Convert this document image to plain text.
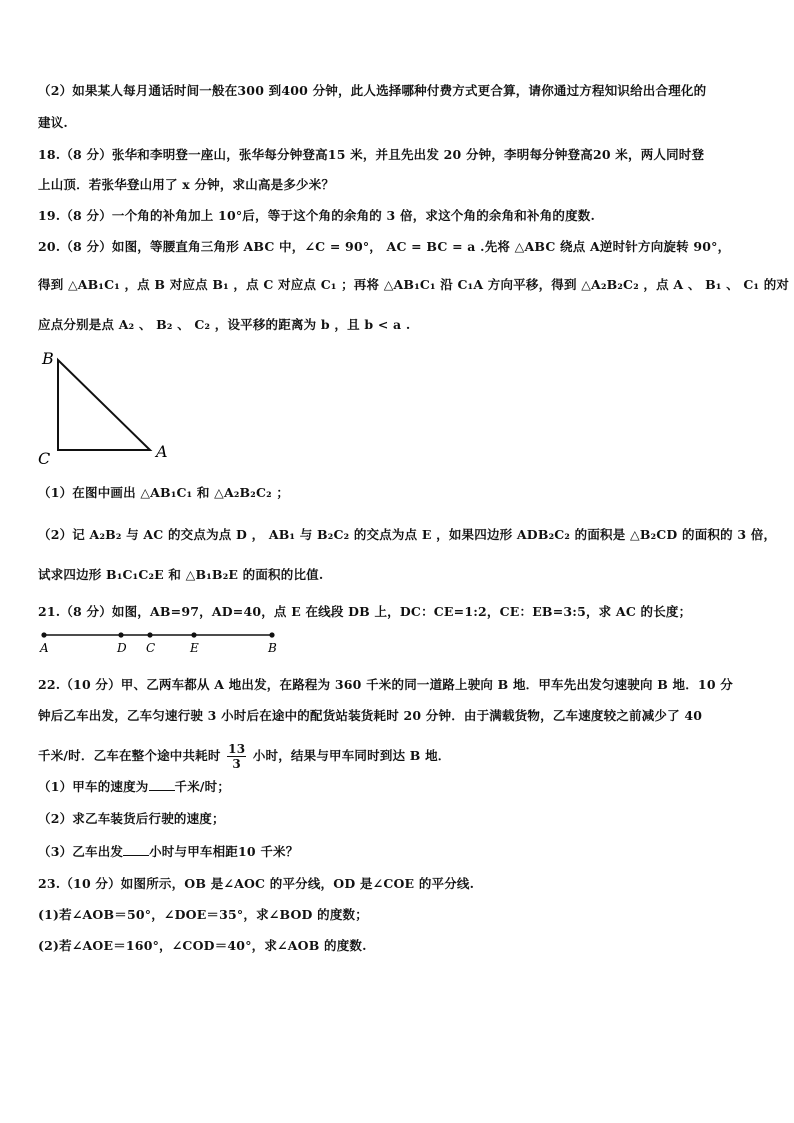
（2）如果某人每月通话时间一般在300 到400 分钟，此人选择哪种付费方式更合算，请你通过方程知识给出合理化的
建议.
18.（8 分）张华和李明登一座山，张华每分钟登高15 米，并且先出发 20 分钟，李明每分钟登高20 米，两人同时登
上山顶．若张华登山用了 x 分钟，求山高是多少米？
19.（8 分）一个角的补角加上 10°后，等于这个角的余角的 3 倍，求这个角的余角和补角的度数.
20.（8 分）如图，等腰直角三角形 ABC 中，∠C = 90°， AC = BC = a .先将 △ABC 绕点 A逆时针方向旋转 90°，
得到 △AB₁C₁ ，点 B 对应点 B₁ ，点 C 对应点 C₁ ；再将 △AB₁C₁ 沿 C₁A 方向平移，得到 △A₂B₂C₂ ，点 A 、 B₁ 、 C₁ 的对
应点分别是点 A₂ 、 B₂ 、 C₂ ，设平移的距离为 b ，且 b < a .
B
C	A
（1）在图中画出 △AB₁C₁ 和 △A₂B₂C₂ ；
（2）记 A₂B₂ 与 AC 的交点为点 D ， AB₁ 与 B₂C₂ 的交点为点 E ，如果四边形 ADB₂C₂ 的面积是 △B₂CD 的面积的 3 倍，
试求四边形 B₁C₁C₂E 和 △B₁B₂E 的面积的比值.
21.（8 分）如图，AB=97，AD=40，点 E 在线段 DB 上，DC：CE=1:2，CE：EB=3:5，求 AC 的长度；
A	D C	E	B
22.（10 分）甲、乙两车都从 A 地出发，在路程为 360 千米的同一道路上驶向 B 地．甲车先出发匀速驶向 B 地．10 分
钟后乙车出发，乙车匀速行驶 3 小时后在途中的配货站装货耗时 20 分钟．由于满载货物，乙车速度较之前减少了 40
千米/时．乙车在整个途中共耗时 $\frac{13}{3}$ 小时，结果与甲车同时到达 B 地．
（1）甲车的速度为 千米/时；
（2）求乙车装货后行驶的速度；
（3）乙车出发 小时与甲车相距10 千米？
23.（10 分）如图所示，OB 是∠AOC 的平分线，OD 是∠COE 的平分线.
(1)若∠AOB＝50°，∠DOE＝35°，求∠BOD 的度数；
(2)若∠AOE＝160°，∠COD＝40°，求∠AOB 的度数.
